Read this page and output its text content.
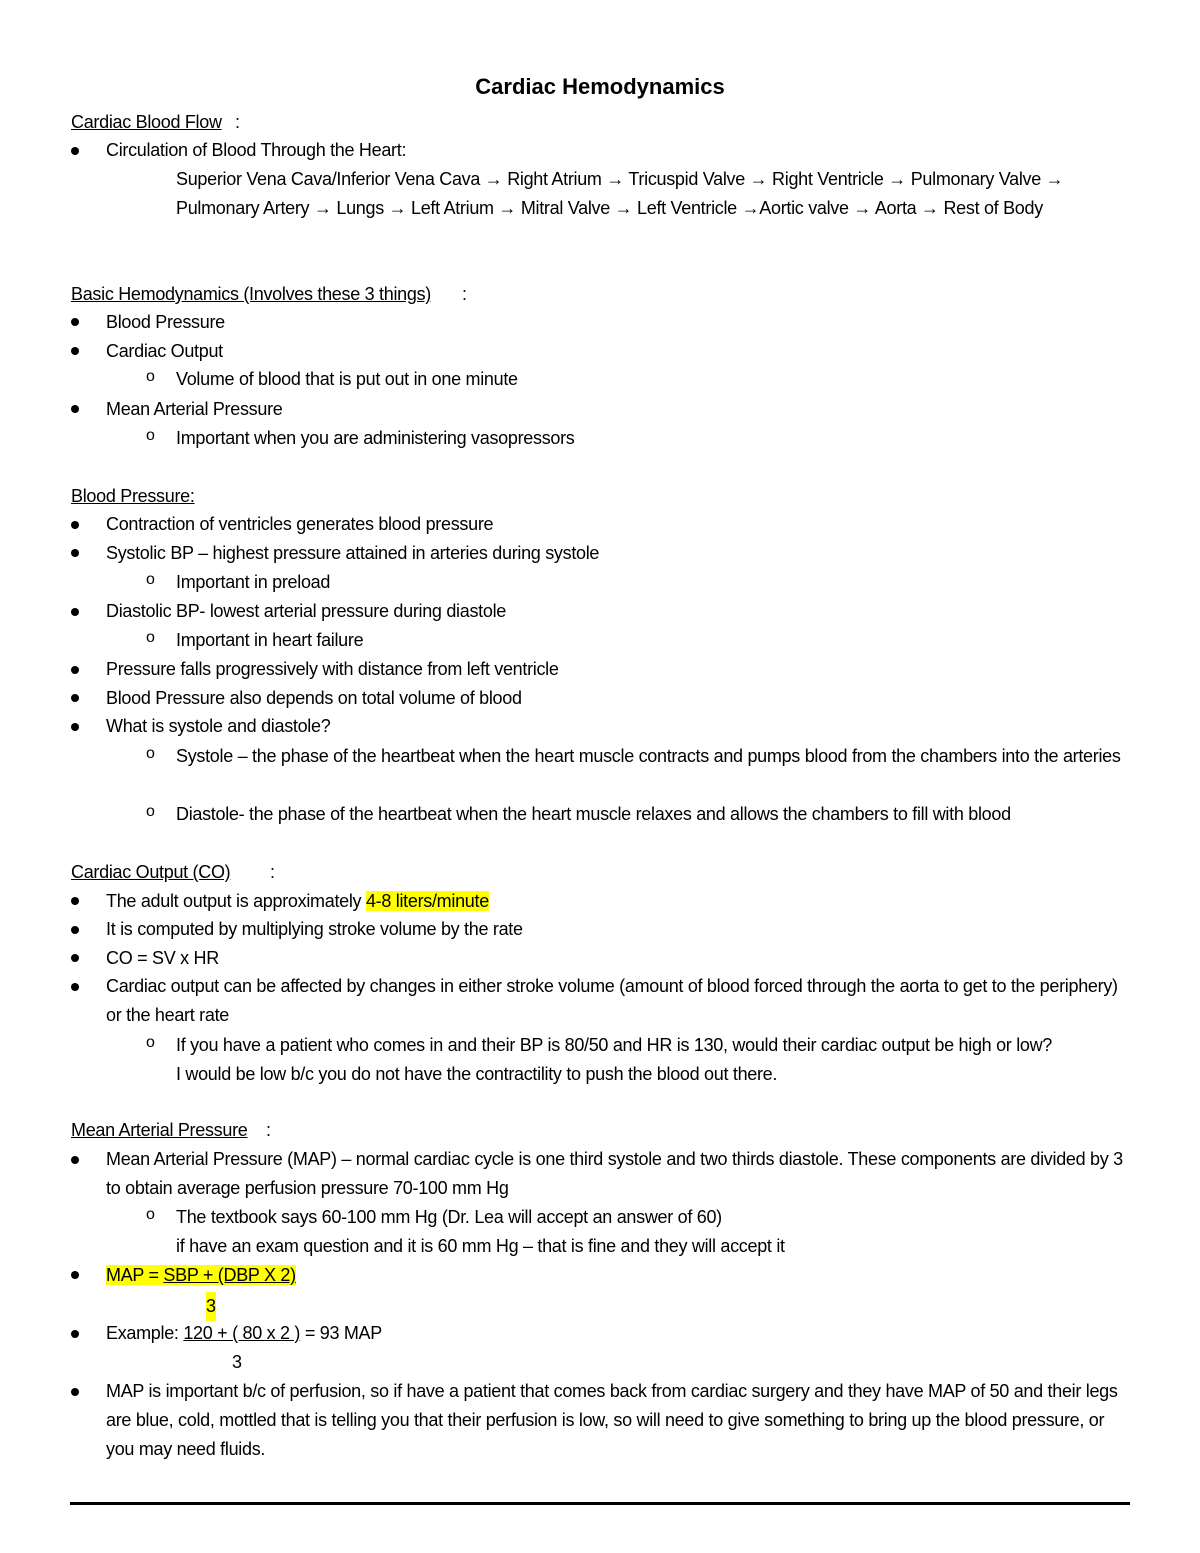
Cardiac Hemodynamics
Cardiac Blood Flow :
Circulation of Blood Through the Heart:
Superior Vena Cava/Inferior Vena Cava → Right Atrium → Tricuspid Valve → Right Ventricle → Pulmonary Valve → Pulmonary Artery → Lungs → Left Atrium → Mitral Valve → Left Ventricle →Aortic valve → Aorta → Rest of Body
Basic Hemodynamics (Involves these 3 things) :
Blood Pressure
Cardiac Output
o Volume of blood that is put out in one minute
Mean Arterial Pressure
o Important when you are administering vasopressors
Blood Pressure:
Contraction of ventricles generates blood pressure
Systolic BP – highest pressure attained in arteries during systole
o Important in preload
Diastolic BP- lowest arterial pressure during diastole
o Important in heart failure
Pressure falls progressively with distance from left ventricle
Blood Pressure also depends on total volume of blood
What is systole and diastole?
o Systole – the phase of the heartbeat when the heart muscle contracts and pumps blood from the chambers into the arteries
o Diastole- the phase of the heartbeat when the heart muscle relaxes and allows the chambers to fill with blood
Cardiac Output (CO) :
The adult output is approximately 4-8 liters/minute
It is computed by multiplying stroke volume by the rate
CO = SV x HR
Cardiac output can be affected by changes in either stroke volume (amount of blood forced through the aorta to get to the periphery) or the heart rate
o If you have a patient who comes in and their BP is 80/50 and HR is 130, would their cardiac output be high or low?
I would be low b/c you do not have the contractility to push the blood out there.
Mean Arterial Pressure :
Mean Arterial Pressure (MAP) – normal cardiac cycle is one third systole and two thirds diastole. These components are divided by 3 to obtain average perfusion pressure 70-100 mm Hg
o The textbook says 60-100 mm Hg (Dr. Lea will accept an answer of 60)
if have an exam question and it is 60 mm Hg – that is fine and they will accept it
MAP = SBP + (DBP X 2)
3
Example: 120 + ( 80 x 2 ) = 93 MAP
3
MAP is important b/c of perfusion, so if have a patient that comes back from cardiac surgery and they have MAP of 50 and their legs are blue, cold, mottled that is telling you that their perfusion is low, so will need to give something to bring up the blood pressure, or you may need fluids.
